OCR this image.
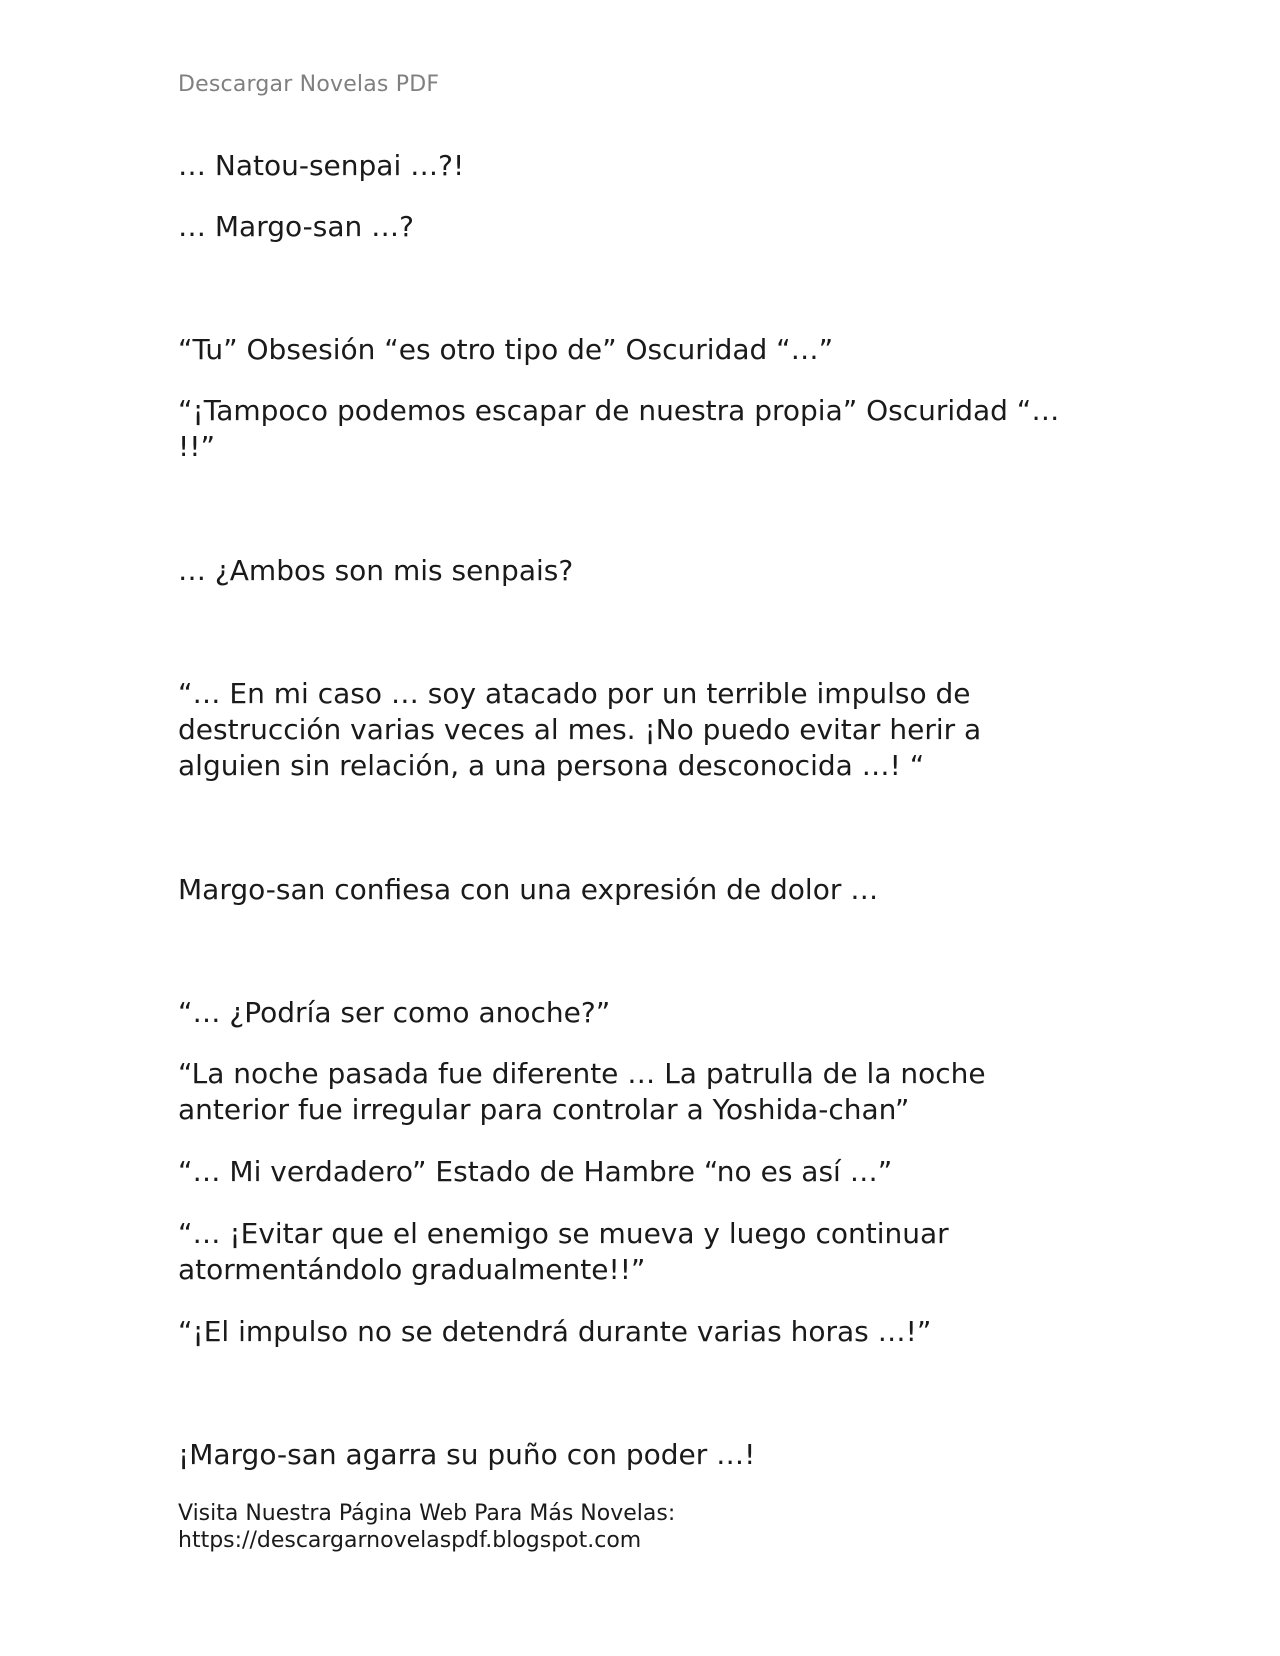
Descargar Novelas PDF

… Natou-senpai …?!

… Margo-san …?

“Tu” Obsesión “es otro tipo de” Oscuridad “…”

“¡Tampoco podemos escapar de nuestra propia” Oscuridad “…
!!”

… ¿Ambos son mis senpais?

“… En mi caso … soy atacado por un terrible impulso de
destrucción varias veces al mes. ¡No puedo evitar herir a
alguien sin relación, a una persona desconocida …! “

Margo-san confiesa con una expresión de dolor …

“… ¿Podría ser como anoche?”

“La noche pasada fue diferente … La patrulla de la noche
anterior fue irregular para controlar a Yoshida-chan”

“… Mi verdadero” Estado de Hambre “no es así …”

“… ¡Evitar que el enemigo se mueva y luego continuar
atormentándolo gradualmente!!”

“¡El impulso no se detendrá durante varias horas …!”

¡Margo-san agarra su puño con poder …!

Visita Nuestra Página Web Para Más Novelas:
https://descargarnovelaspdf.blogspot.com
